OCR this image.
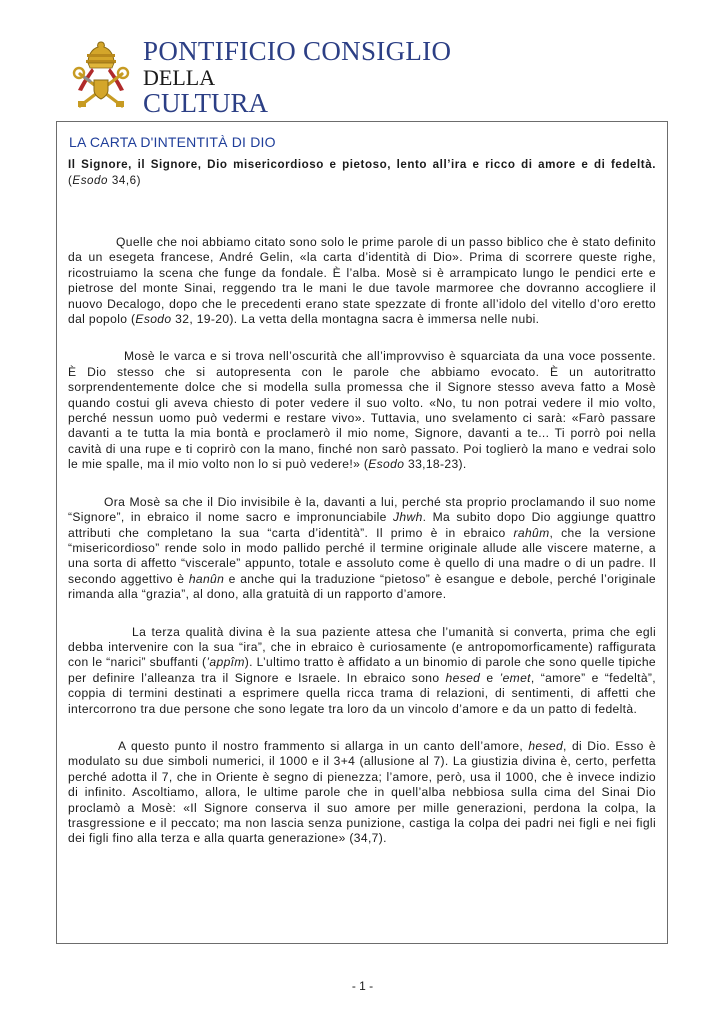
PONTIFICIO CONSIGLIO
DELLA
CULTURA
LA CARTA D'INTENTITÀ DI DIO
Il Signore, il Signore, Dio misericordioso e pietoso, lento all’ira e ricco di amore e di fedeltà. (Esodo 34,6)

Quelle che noi abbiamo citato sono solo le prime parole di un passo biblico che è stato definito da un esegeta francese, André Gelin, «la carta d’identità di Dio». Prima di scorrere queste righe, ricostruiamo la scena che funge da fondale. È l’alba. Mosè si è arrampicato lungo le pendici erte e pietrose del monte Sinai, reggendo tra le mani le due tavole marmoree che dovranno accogliere il nuovo Decalogo, dopo che le precedenti erano state spezzate di fronte all’idolo del vitello d’oro eretto dal popolo (Esodo 32, 19-20). La vetta della montagna sacra è immersa nelle nubi.

Mosè le varca e si trova nell’oscurità che all’improvviso è squarciata da una voce possente. È Dio stesso che si autopresenta con le parole che abbiamo evocato. È un autoritratto sorprendentemente dolce che si modella sulla promessa che il Signore stesso aveva fatto a Mosè quando costui gli aveva chiesto di poter vedere il suo volto. «No, tu non potrai vedere il mio volto, perché nessun uomo può vedermi e restare vivo». Tuttavia, uno svelamento ci sarà: «Farò passare davanti a te tutta la mia bontà e proclamerò il mio nome, Signore, davanti a te... Ti porrò poi nella cavità di una rupe e ti coprirò con la mano, finché non sarò passato. Poi toglierò la mano e vedrai solo le mie spalle, ma il mio volto non lo si può vedere!» (Esodo 33,18-23).

Ora Mosè sa che il Dio invisibile è la, davanti a lui, perché sta proprio proclamando il suo nome “Signore”, in ebraico il nome sacro e impronunciabile Jhwh. Ma subito dopo Dio aggiunge quattro attributi che completano la sua “carta d’identità”. Il primo è in ebraico rahûm, che la versione “misericordioso” rende solo in modo pallido perché il termine originale allude alle viscere materne, a una sorta di affetto “viscerale” appunto, totale e assoluto come è quello di una madre o di un padre. Il secondo aggettivo è hanûn e anche qui la traduzione “pietoso” è esangue e debole, perché l’originale rimanda alla “grazia”, al dono, alla gratuità di un rapporto d’amore.

La terza qualità divina è la sua paziente attesa che l’umanità si converta, prima che egli debba intervenire con la sua “ira”, che in ebraico è curiosamente (e antropomorficamente) raffigurata con le “narici” sbuffanti (’appîm). L’ultimo tratto è affidato a un binomio di parole che sono quelle tipiche per definire l’alleanza tra il Signore e Israele. In ebraico sono hesed e ’emet, “amore” e “fedeltà”, coppia di termini destinati a esprimere quella ricca trama di relazioni, di sentimenti, di affetti che intercorrono tra due persone che sono legate tra loro da un vincolo d’amore e da un patto di fedeltà.

A questo punto il nostro frammento si allarga in un canto dell’amore, hesed, di Dio. Esso è modulato su due simboli numerici, il 1000 e il 3+4 (allusione al 7). La giustizia divina è, certo, perfetta perché adotta il 7, che in Oriente è segno di pienezza; l’amore, però, usa il 1000, che è invece indizio di infinito. Ascoltiamo, allora, le ultime parole che in quell’alba nebbiosa sulla cima del Sinai Dio proclamò a Mosè: «Il Signore conserva il suo amore per mille generazioni, perdona la colpa, la trasgressione e il peccato; ma non lascia senza punizione, castiga la colpa dei padri nei figli e nei figli dei figli fino alla terza e alla quarta generazione» (34,7).

- 1 -
